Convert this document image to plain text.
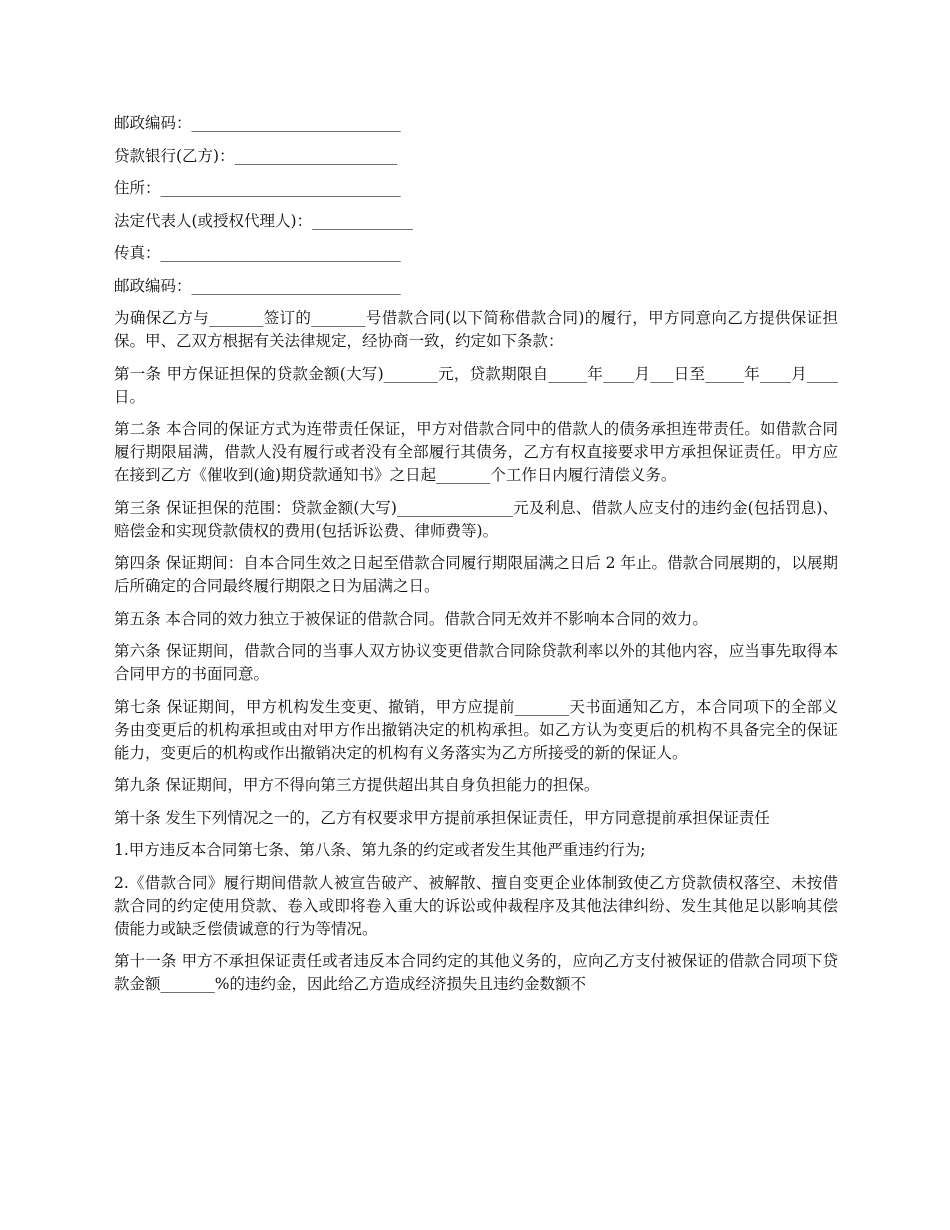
邮政编码：___________________________
贷款银行(乙方)：_____________________
住所：_______________________________
法定代表人(或授权代理人)：_____________
传真：_______________________________
邮政编码：___________________________

为确保乙方与_______签订的_______号借款合同(以下简称借款合同)的履行，甲方同意向乙方提供保证担保。甲、乙双方根据有关法律规定，经协商一致，约定如下条款：

第一条 甲方保证担保的贷款金额(大写)_______元，贷款期限自_____年____月___日至_____年____月____日。

第二条 本合同的保证方式为连带责任保证，甲方对借款合同中的借款人的债务承担连带责任。如借款合同履行期限届满，借款人没有履行或者没有全部履行其债务，乙方有权直接要求甲方承担保证责任。甲方应在接到乙方《催收到(逾)期贷款通知书》之日起_______个工作日内履行清偿义务。

第三条 保证担保的范围：贷款金额(大写)_______________元及利息、借款人应支付的违约金(包括罚息)、赔偿金和实现贷款债权的费用(包括诉讼费、律师费等)。

第四条 保证期间：自本合同生效之日起至借款合同履行期限届满之日后 2 年止。借款合同展期的，以展期后所确定的合同最终履行期限之日为届满之日。

第五条 本合同的效力独立于被保证的借款合同。借款合同无效并不影响本合同的效力。

第六条 保证期间，借款合同的当事人双方协议变更借款合同除贷款利率以外的其他内容，应当事先取得本合同甲方的书面同意。

第七条 保证期间，甲方机构发生变更、撤销，甲方应提前_______天书面通知乙方，本合同项下的全部义务由变更后的机构承担或由对甲方作出撤销决定的机构承担。如乙方认为变更后的机构不具备完全的保证能力，变更后的机构或作出撤销决定的机构有义务落实为乙方所接受的新的保证人。

第九条 保证期间，甲方不得向第三方提供超出其自身负担能力的担保。

第十条 发生下列情况之一的，乙方有权要求甲方提前承担保证责任，甲方同意提前承担保证责任

1.甲方违反本合同第七条、第八条、第九条的约定或者发生其他严重违约行为;

2.《借款合同》履行期间借款人被宣告破产、被解散、擅自变更企业体制致使乙方贷款债权落空、未按借款合同的约定使用贷款、卷入或即将卷入重大的诉讼或仲裁程序及其他法律纠纷、发生其他足以影响其偿债能力或缺乏偿债诚意的行为等情况。

第十一条 甲方不承担保证责任或者违反本合同约定的其他义务的，应向乙方支付被保证的借款合同项下贷款金额_______%的违约金，因此给乙方造成经济损失且违约金数额不
